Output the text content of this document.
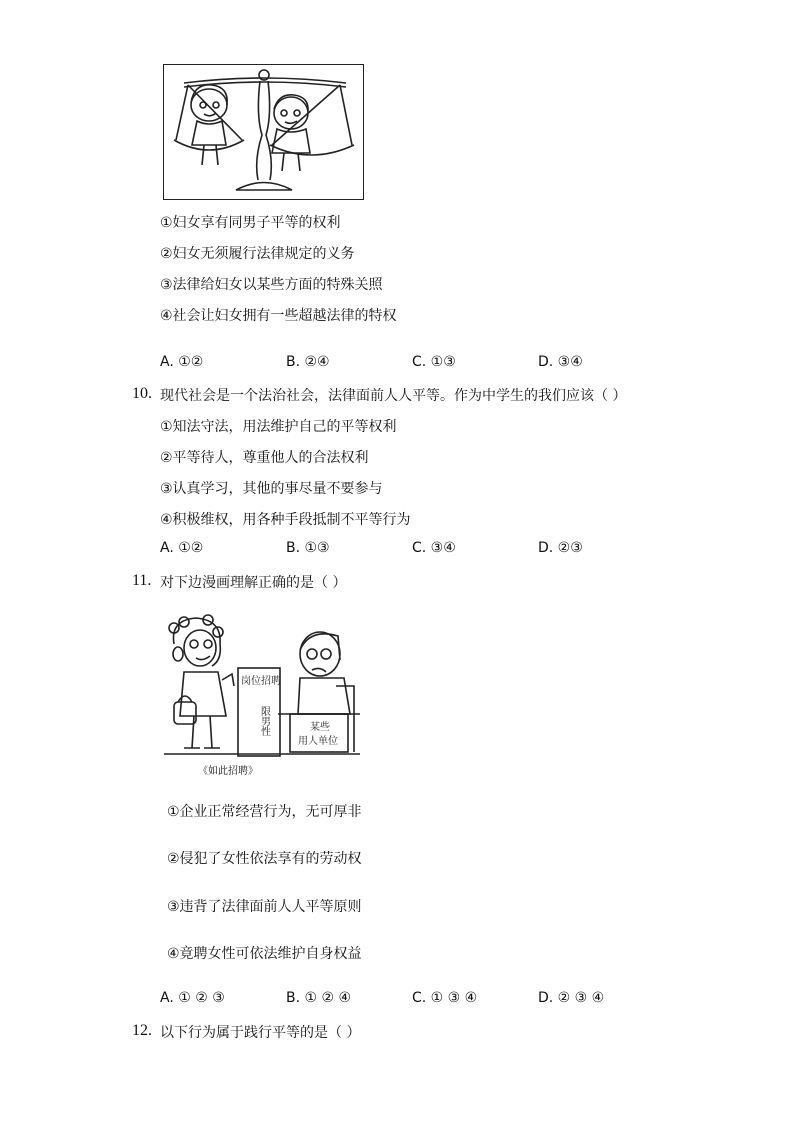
①妇女享有同男子平等的权利
②妇女无须履行法律规定的义务
③法律给妇女以某些方面的特殊关照
④社会让妇女拥有一些超越法律的特权
A. ①②	B. ②④	C. ①③	D. ③④
10. 现代社会是一个法治社会，法律面前人人平等。作为中学生的我们应该（ ）
①知法守法，用法维护自己的平等权利
②平等待人，尊重他人的合法权利
③认真学习，其他的事尽量不要参与
④积极维权，用各种手段抵制不平等行为
A. ①②	B. ①③	C. ③④	D. ②③
11. 对下边漫画理解正确的是（ ）
岗位招聘
限男性	某些
用人单位
《如此招聘》
①企业正常经营行为，无可厚非
②侵犯了女性依法享有的劳动权
③违背了法律面前人人平等原则
④竟聘女性可依法维护自身权益
A. ① ② ③	B. ① ② ④	C. ① ③ ④	D. ② ③ ④
12. 以下行为属于践行平等的是（ ）
